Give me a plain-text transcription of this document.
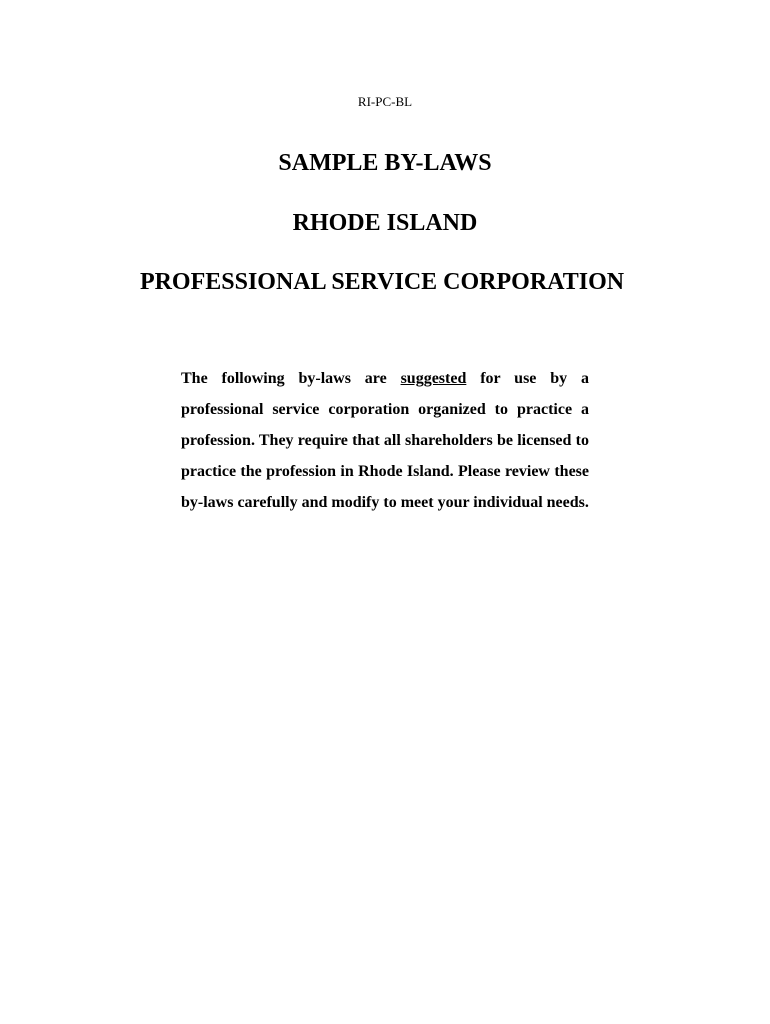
RI-PC-BL
SAMPLE BY-LAWS
RHODE ISLAND
PROFESSIONAL SERVICE CORPORATION

The following by-laws are suggested for use by a professional service corporation organized to practice a profession. They require that all shareholders be licensed to practice the profession in Rhode Island. Please review these by-laws carefully and modify to meet your individual needs.
